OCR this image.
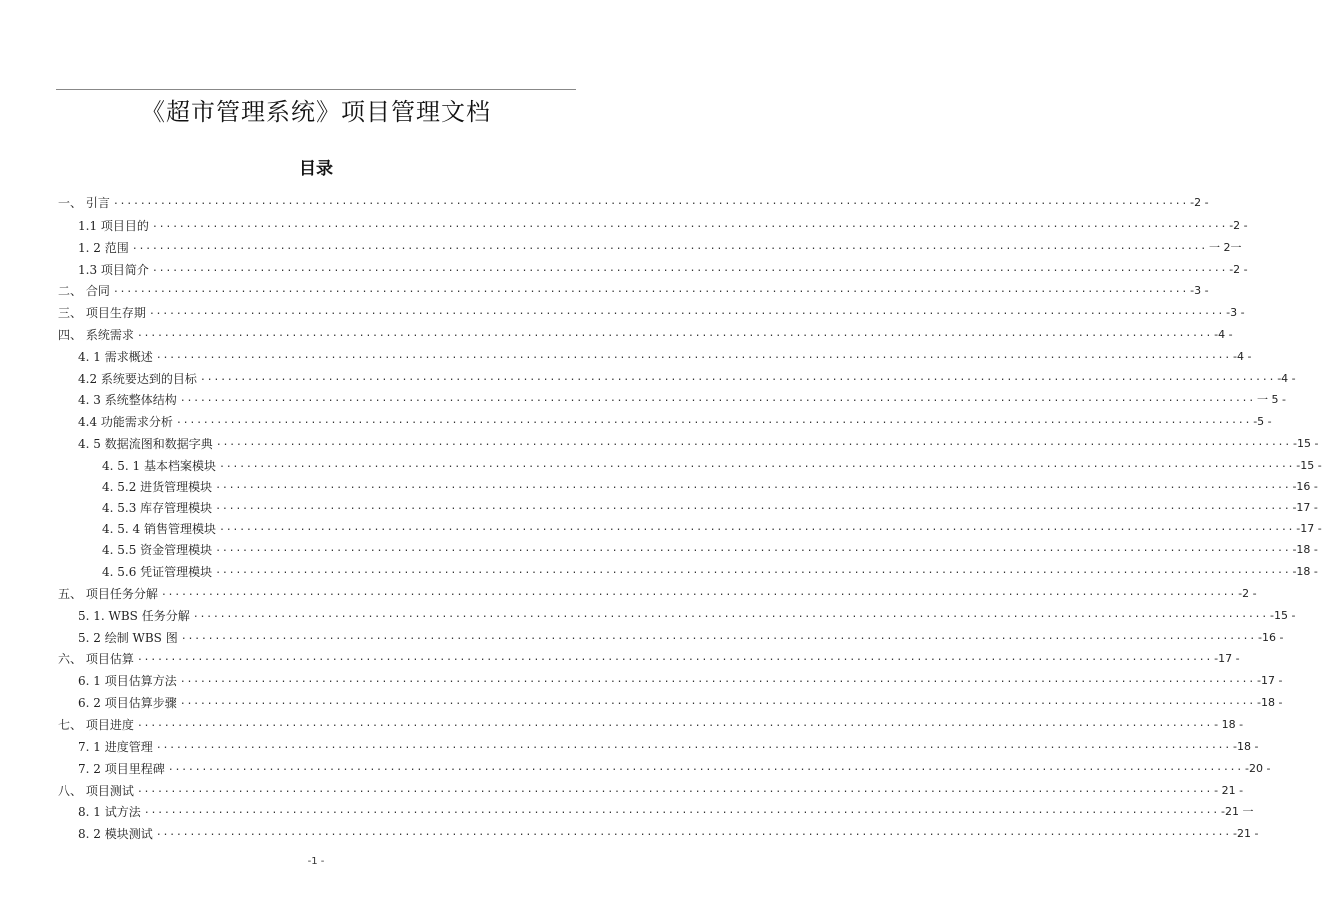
《超市管理系统》项目管理文档
目录
一、 引言 ................................................................................................................................................................ -2 -
1.1 项目目的 ................................................................................................................................................................ -2 -
1. 2 范围 ................................................................................................................................................................ 一 2一
1.3 项目简介 ................................................................................................................................................................ -2 -
二、 合同 ................................................................................................................................................................ -3 -
三、 项目生存期 ................................................................................................................................................................ -3 -
四、 系统需求 ................................................................................................................................................................ -4 -
4. 1 需求概述 ................................................................................................................................................................ -4 -
4.2 系统要达到的目标 ................................................................................................................................................................ -4 -
4. 3 系统整体结构 ................................................................................................................................................................ 一 5 -
4.4 功能需求分析 ................................................................................................................................................................ -5 -
4. 5 数据流图和数据字典 ................................................................................................................................................................ -15 -
4. 5. 1 基本档案模块 ................................................................................................................................................................ -15 -
4. 5.2 进货管理模块 ................................................................................................................................................................ -16 -
4. 5.3 库存管理模块 ................................................................................................................................................................ -17 -
4. 5. 4 销售管理模块 ................................................................................................................................................................ -17 -
4. 5.5 资金管理模块 ................................................................................................................................................................ -18 -
4. 5.6 凭证管理模块 ................................................................................................................................................................ -18 -
五、 项目任务分解 ................................................................................................................................................................ -2 -
5. 1. WBS 任务分解 ................................................................................................................................................................ -15 -
5. 2 绘制 WBS 图 ................................................................................................................................................................ -16 -
六、 项目估算 ................................................................................................................................................................ -17 -
6. 1 项目估算方法 ................................................................................................................................................................ -17 -
6. 2 项目估算步骤 ................................................................................................................................................................ -18 -
七、 项目进度 ................................................................................................................................................................ - 18 -
7. 1 进度管理 ................................................................................................................................................................ -18 -
7. 2 项目里程碑 ................................................................................................................................................................ -20 -
八、 项目测试 ................................................................................................................................................................ - 21 -
8. 1 试方法 ................................................................................................................................................................ -21 一
8. 2 模块测试 ................................................................................................................................................................ -21 -
-1 -
